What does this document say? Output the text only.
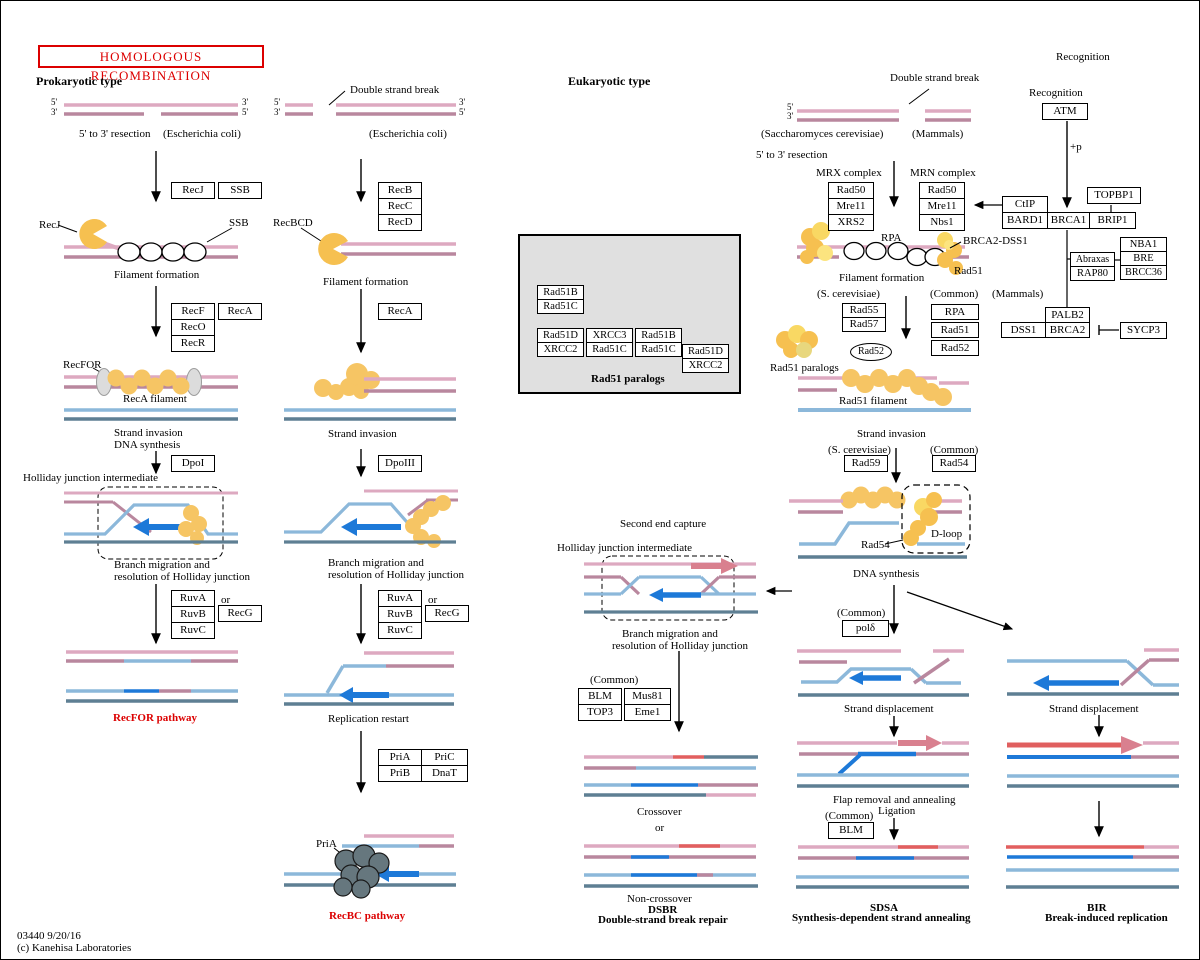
HOMOLOGOUS RECOMBINATION
Prokaryotic type	Eukaryotic type
03440 9/20/16
(c) Kanehisa Laboratories
5'
3'
3'
5'
5'
3'
3'
5'	5'
3'
5' to 3' resection (Escherichia coli)
Double strand break
(Escherichia coli)
RecJ	SSB
Filament formation
RecFOR
RecA filament
Strand invasion
DNA synthesis
Holliday junction intermediate
Branch migration and
resolution of Holliday junction
or
RecFOR pathway
RecBCD
Filament formation
Strand invasion
Branch migration and
resolution of Holliday junction
or
Replication restart
PriA
RecBC pathway
RecJ	SSB	RecB
RecC
RecD
RecF
RecO
RecR
RecA	RecA
DpoI	DpoIII
RuvA
RuvB
RuvC
RecG
RuvA
RuvB
RuvC
RecG
PriA	PriC
PriB	DnaT
Rad51 paralogs
Rad51B
Rad51C
Rad51D
XRCC2
XRCC3
Rad51C
Rad51B
Rad51C	Rad51D
XRCC2
Double strand break
(Saccharomyces cerevisiae)	(Mammals)
5' to 3' resection
MRX complex	MRN complex
RPA	BRCA2-DSS1
Rad51
Filament formation
(S. cerevisiae)	(Common) (Mammals)
Rad51 paralogs
Rad51 filament
Strand invasion
(S. cerevisiae)	(Common)
Rad54
D-loop
DNA synthesis
Rad50
Mre11
XRS2
Rad50
Mre11
Nbs1
Rad55
Rad57
RPA
Rad51
Rad52
Rad52
Rad59	Rad54
polδ
BLM
TOP3
Mus81
Eme1
BLM
Recognition
Recognition
ATM
+p
TOPBP1
CtIP
BARD1 BRCA1	BRIP1
NBA1
BRE
BRCC36
Abraxas
RAP80
PALB2
DSS1	BRCA2	SYCP3
Second end capture
Holliday junction intermediate
Branch migration and
resolution of Holliday junction
(Common)
Crossover
or
Non-crossover
DSBR
Double-strand break repair
(Common)
Strand displacement
Flap removal and annealing
Ligation
(Common)
SDSA
Synthesis-dependent strand annealing
Strand displacement
BIR
Break-induced replication
